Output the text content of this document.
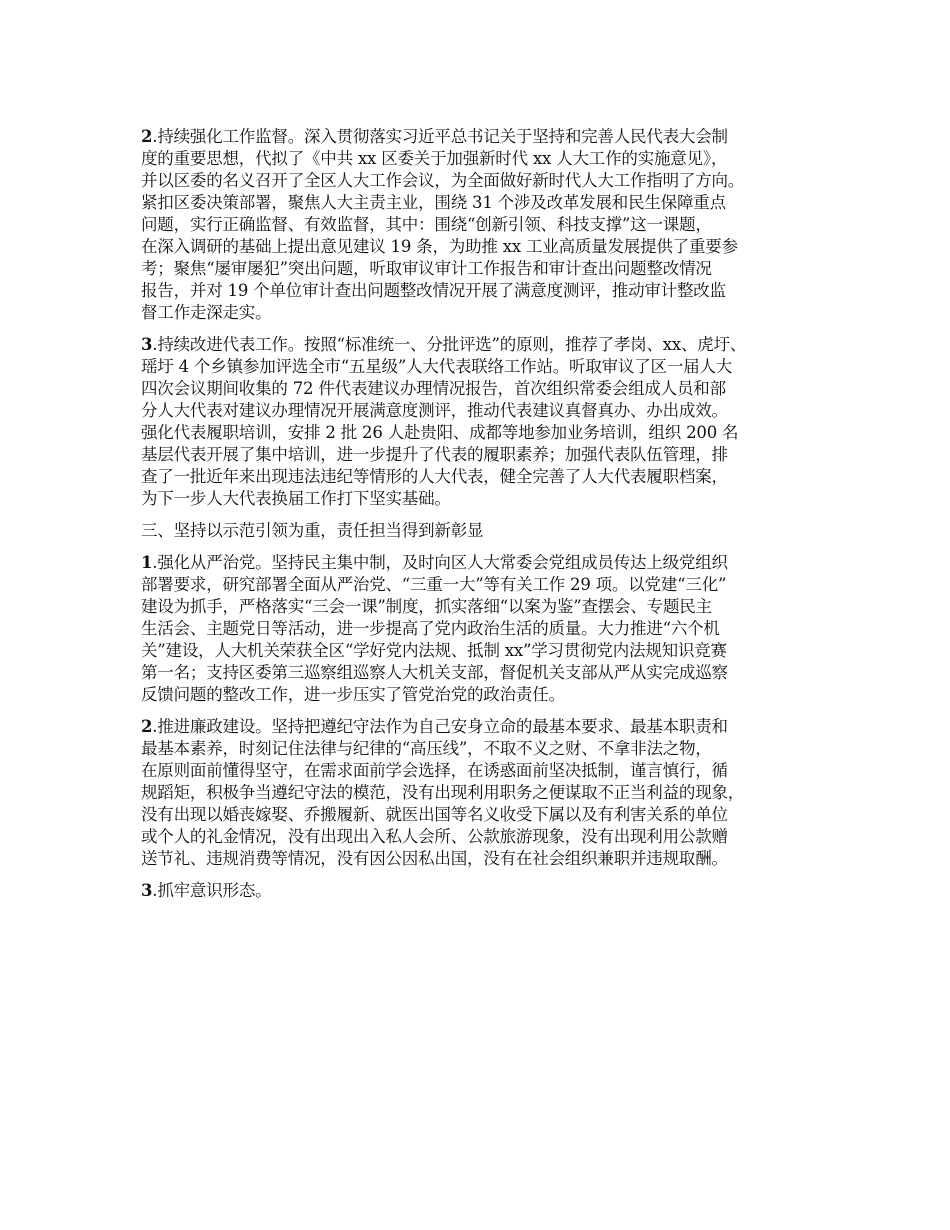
2.持续强化工作监督。深入贯彻落实习近平总书记关于坚持和完善人民代表大会制
度的重要思想，代拟了《中共 xx 区委关于加强新时代 xx 人大工作的实施意见》，
并以区委的名义召开了全区人大工作会议，为全面做好新时代人大工作指明了方向。
紧扣区委决策部署，聚焦人大主责主业，围绕 31 个涉及改革发展和民生保障重点
问题，实行正确监督、有效监督，其中：围绕“创新引领、科技支撑”这一课题，
在深入调研的基础上提出意见建议 19 条，为助推 xx 工业高质量发展提供了重要参
考；聚焦“屡审屡犯”突出问题，听取审议审计工作报告和审计查出问题整改情况
报告，并对 19 个单位审计查出问题整改情况开展了满意度测评，推动审计整改监
督工作走深走实。
3.持续改进代表工作。按照“标准统一、分批评选”的原则，推荐了孝岗、xx、虎圩、
瑶圩 4 个乡镇参加评选全市“五星级”人大代表联络工作站。听取审议了区一届人大
四次会议期间收集的 72 件代表建议办理情况报告，首次组织常委会组成人员和部
分人大代表对建议办理情况开展满意度测评，推动代表建议真督真办、办出成效。
强化代表履职培训，安排 2 批 26 人赴贵阳、成都等地参加业务培训，组织 200 名
基层代表开展了集中培训，进一步提升了代表的履职素养；加强代表队伍管理，排
查了一批近年来出现违法违纪等情形的人大代表，健全完善了人大代表履职档案，
为下一步人大代表换届工作打下坚实基础。
三、坚持以示范引领为重，责任担当得到新彰显
1.强化从严治党。坚持民主集中制，及时向区人大常委会党组成员传达上级党组织
部署要求，研究部署全面从严治党、“三重一大”等有关工作 29 项。以党建“三化”
建设为抓手，严格落实“三会一课”制度，抓实落细“以案为鉴”查摆会、专题民主
生活会、主题党日等活动，进一步提高了党内政治生活的质量。大力推进“六个机
关”建设，人大机关荣获全区“学好党内法规、抵制 xx”学习贯彻党内法规知识竞赛
第一名；支持区委第三巡察组巡察人大机关支部，督促机关支部从严从实完成巡察
反馈问题的整改工作，进一步压实了管党治党的政治责任。
2.推进廉政建设。坚持把遵纪守法作为自己安身立命的最基本要求、最基本职责和
最基本素养，时刻记住法律与纪律的“高压线”，不取不义之财、不拿非法之物，
在原则面前懂得坚守，在需求面前学会选择，在诱惑面前坚决抵制，谨言慎行，循
规蹈矩，积极争当遵纪守法的模范，没有出现利用职务之便谋取不正当利益的现象，
没有出现以婚丧嫁娶、乔搬履新、就医出国等名义收受下属以及有利害关系的单位
或个人的礼金情况，没有出现出入私人会所、公款旅游现象，没有出现利用公款赠
送节礼、违规消费等情况，没有因公因私出国，没有在社会组织兼职并违规取酬。
3.抓牢意识形态。
